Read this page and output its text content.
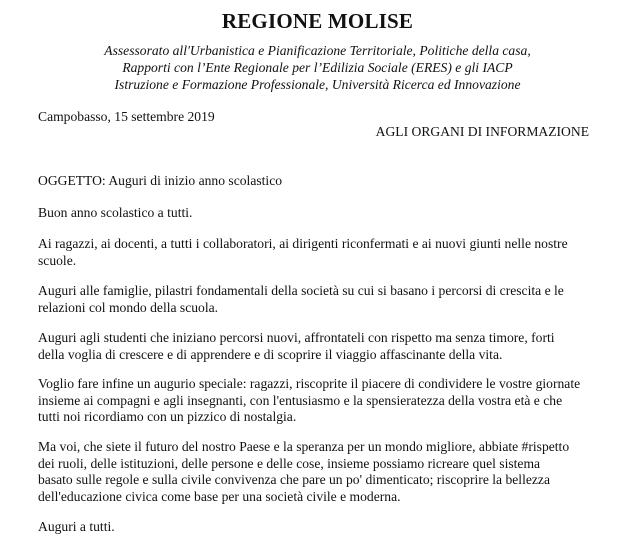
REGIONE MOLISE
Assessorato all'Urbanistica e Pianificazione Territoriale, Politiche della casa,
Rapporti con l’Ente Regionale per l’Edilizia Sociale (ERES) e gli IACP
Istruzione e Formazione Professionale, Università Ricerca ed Innovazione
Campobasso, 15 settembre 2019
AGLI ORGANI DI INFORMAZIONE
OGGETTO: Auguri di inizio anno scolastico
Buon anno scolastico a tutti.
Ai ragazzi, ai docenti, a tutti i collaboratori, ai dirigenti riconfermati e ai nuovi giunti nelle nostre
scuole.
Auguri alle famiglie, pilastri fondamentali della società su cui si basano i percorsi di crescita e le
relazioni col mondo della scuola.
Auguri agli studenti che iniziano percorsi nuovi, affrontateli con rispetto ma senza timore, forti
della voglia di crescere e di apprendere e di scoprire il viaggio affascinante della vita.
Voglio fare infine un augurio speciale: ragazzi, riscoprite il piacere di condividere le vostre giornate
insieme ai compagni e agli insegnanti, con l'entusiasmo e la spensieratezza della vostra età e che
tutti noi ricordiamo con un pizzico di nostalgia.
Ma voi, che siete il futuro del nostro Paese e la speranza per un mondo migliore, abbiate #rispetto
dei ruoli, delle istituzioni, delle persone e delle cose, insieme possiamo ricreare quel sistema
basato sulle regole e sulla civile convivenza che pare un po' dimenticato; riscoprire la bellezza
dell'educazione civica come base per una società civile e moderna.
Auguri a tutti.
